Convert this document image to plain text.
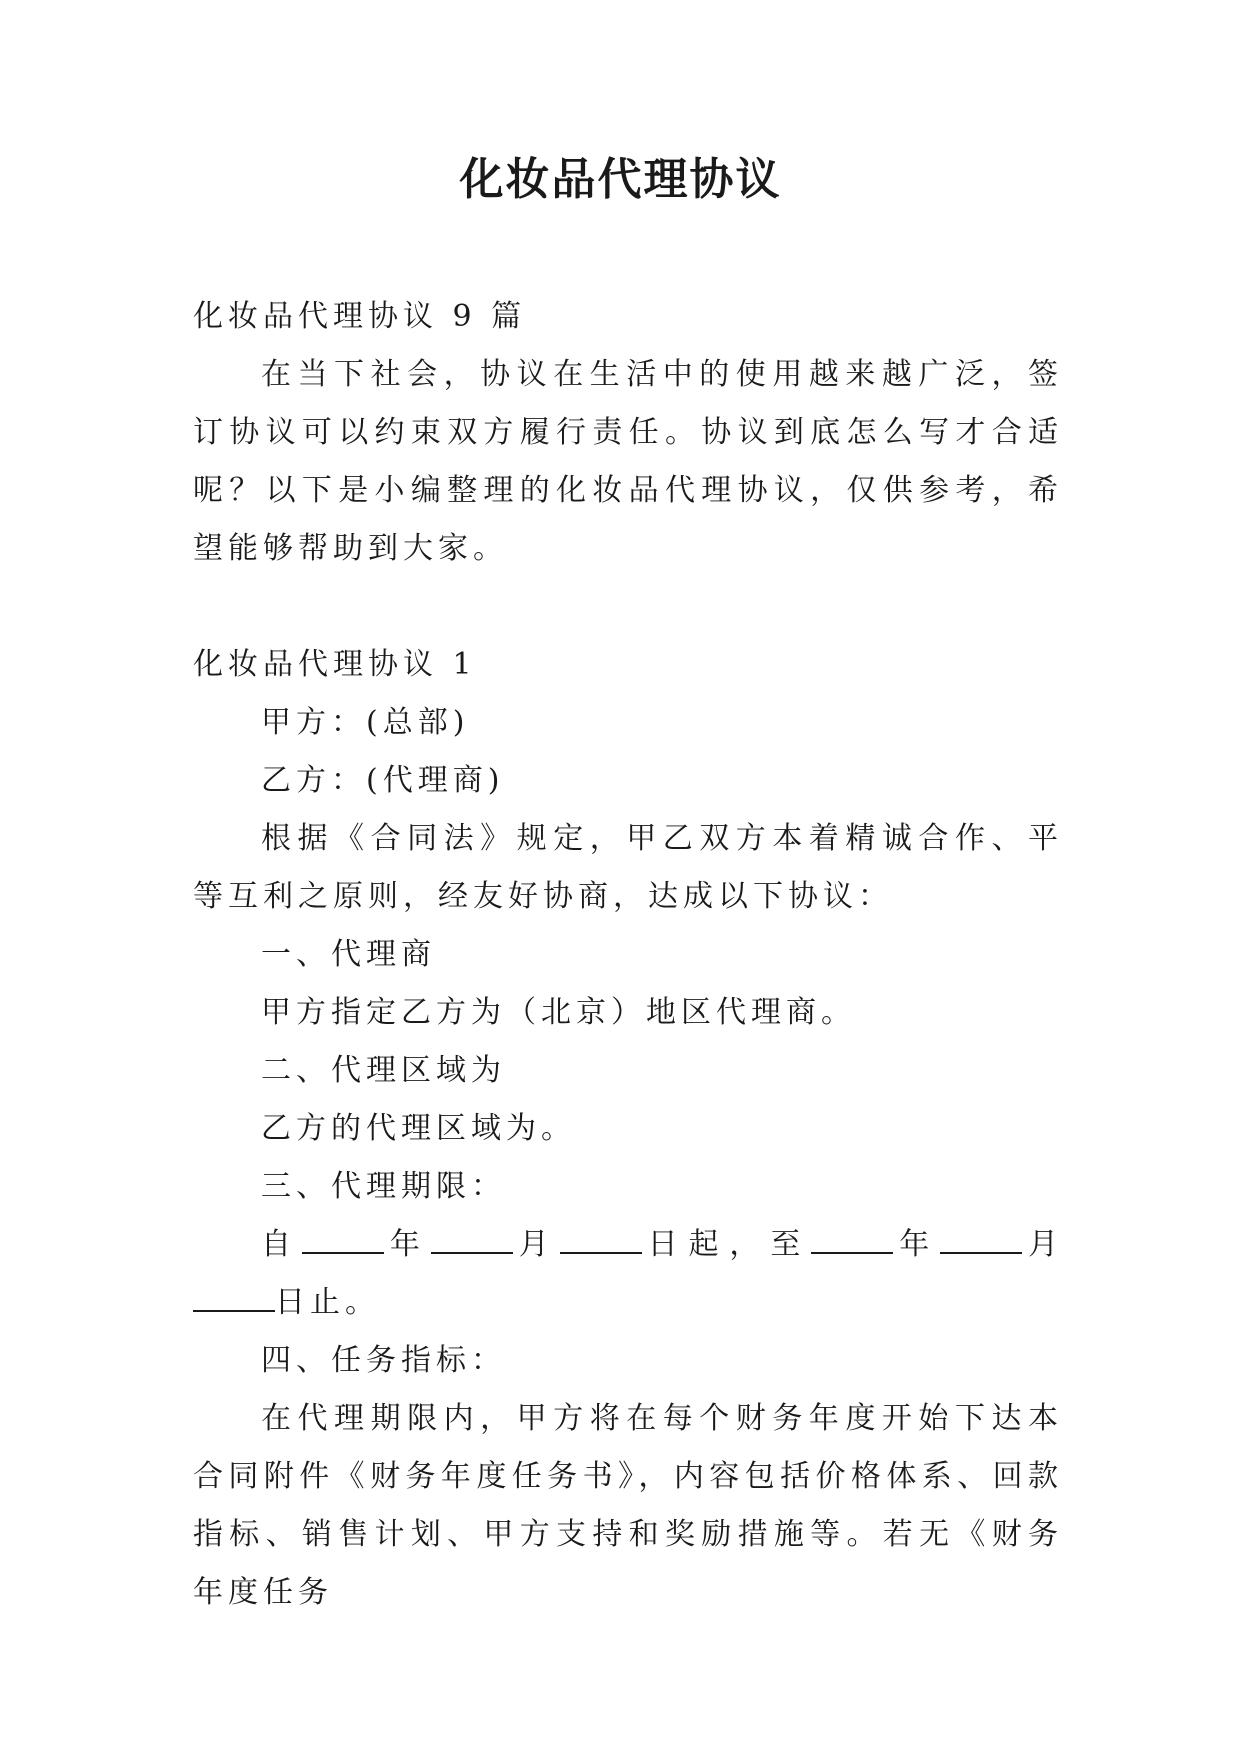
化妆品代理协议

化妆品代理协议 9 篇

在当下社会，协议在生活中的使用越来越广泛，签订协议可以约束双方履行责任。协议到底怎么写才合适呢？以下是小编整理的化妆品代理协议，仅供参考，希望能够帮助到大家。

化妆品代理协议 1

甲方：(总部)

乙方：(代理商)

根据《合同法》规定，甲乙双方本着精诚合作、平等互利之原则，经友好协商，达成以下协议：

一、代理商

甲方指定乙方为（北京）地区代理商。

二、代理区域为

乙方的代理区域为。

三、代理期限：

自	年	月	日起，至	年	月日止。

四、任务指标：

在代理期限内，甲方将在每个财务年度开始下达本合同附件《财务年度任务书》，内容包括价格体系、回款指标、销售计划、甲方支持和奖励措施等。若无《财务年度任务
